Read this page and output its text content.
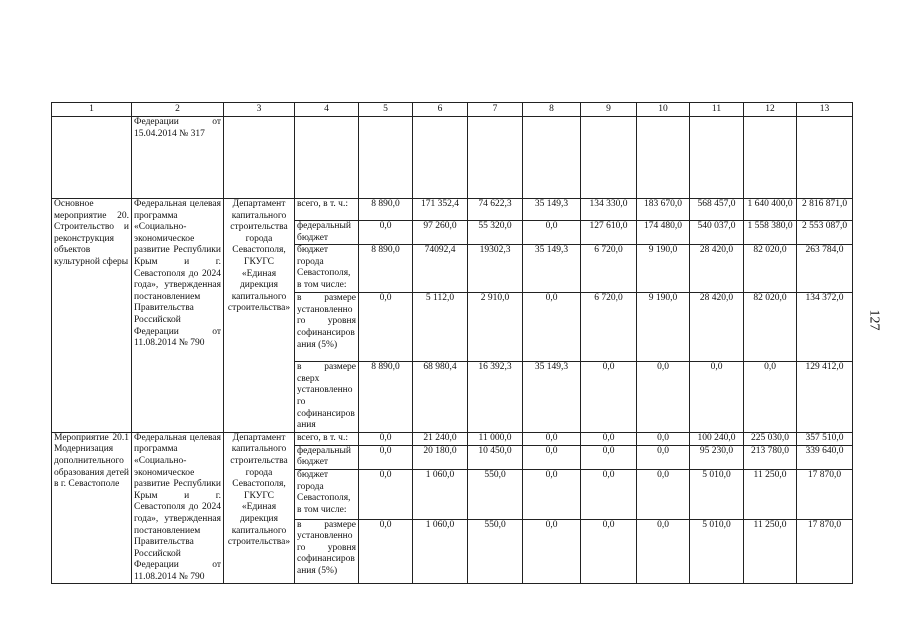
1	2	3	4	5	6	7	8	9	10	11	12	13
	Федерации от 15.04.2014 № 317											
Основное мероприятие 20. Строительство и реконструкция объектов культурной сферы	Федеральная целевая программа «Социально-экономическое развитие Республики Крым и г. Севастополя до 2024 года», утвержденная постановлением Правительства Российской Федерации от 11.08.2014 № 790	Департамент капитального строительства города Севастополя, ГКУГС «Единая дирекция капитального строительства»	всего, в т. ч.:	8 890,0	171 352,4	74 622,3	35 149,3	134 330,0	183 670,0	568 457,0	1 640 400,0	2 816 871,0
			федеральный бюджет	0,0	97 260,0	55 320,0	0,0	127 610,0	174 480,0	540 037,0	1 558 380,0	2 553 087,0
			бюджет города Севастополя, в том числе:	8 890,0	74092,4	19302,3	35 149,3	6 720,0	9 190,0	28 420,0	82 020,0	263 784,0
			в размере установленного уровня софинансирования (5%)	0,0	5 112,0	2 910,0	0,0	6 720,0	9 190,0	28 420,0	82 020,0	134 372,0
			в размере сверх установленного софинансирования	8 890,0	68 980,4	16 392,3	35 149,3	0,0	0,0	0,0	0,0	129 412,0
Мероприятие 20.1 Модернизация дополнительного образования детей в г. Севастополе	Федеральная целевая программа «Социально-экономическое развитие Республики Крым и г. Севастополя до 2024 года», утвержденная постановлением Правительства Российской Федерации от 11.08.2014 № 790	Департамент капитального строительства города Севастополя, ГКУГС «Единая дирекция капитального строительства»	всего, в т. ч.:	0,0	21 240,0	11 000,0	0,0	0,0	0,0	100 240,0	225 030,0	357 510,0
			федеральный бюджет	0,0	20 180,0	10 450,0	0,0	0,0	0,0	95 230,0	213 780,0	339 640,0
			бюджет города Севастополя, в том числе:	0,0	1 060,0	550,0	0,0	0,0	0,0	5 010,0	11 250,0	17 870,0
			в размере установленного уровня софинансирования (5%)	0,0	1 060,0	550,0	0,0	0,0	0,0	5 010,0	11 250,0	17 870,0
127
